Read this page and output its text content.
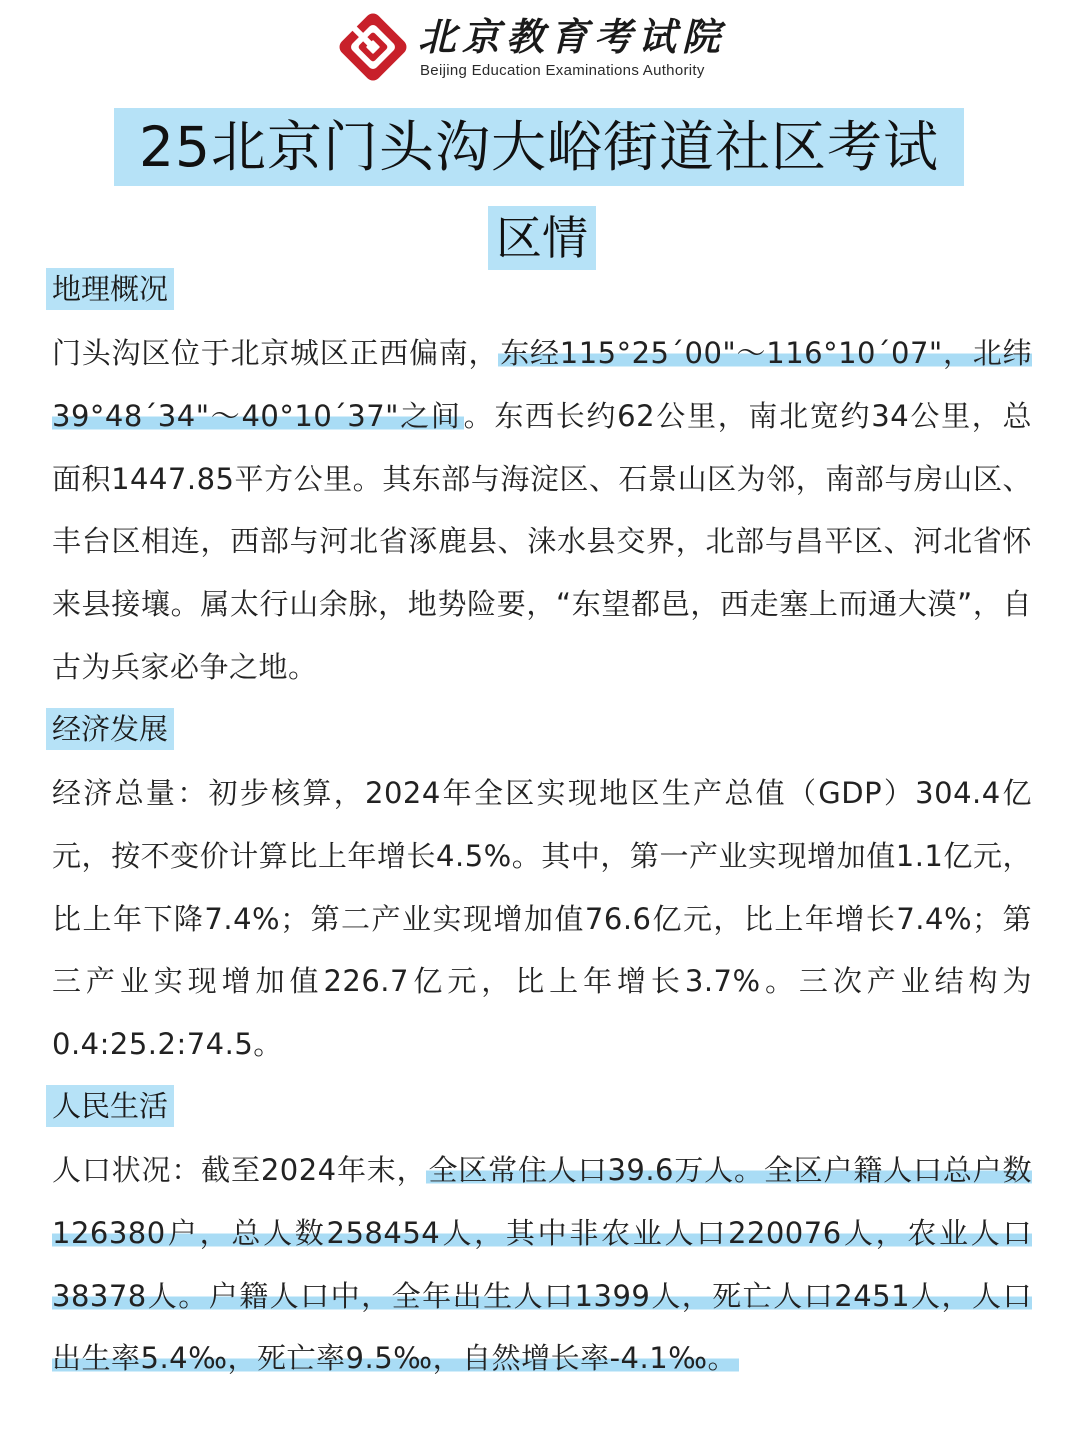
北京教育考试院
Beijing Education Examinations Authority
25北京门头沟大峪街道社区考试
区情
地理概况
门头沟区位于北京城区正西偏南，东经115°25´00"～116°10´07"，北纬39°48´34"～40°10´37"之间。东西长约62公里，南北宽约34公里，总面积1447.85平方公里。其东部与海淀区、石景山区为邻，南部与房山区、丰台区相连，西部与河北省涿鹿县、涞水县交界，北部与昌平区、河北省怀来县接壤。属太行山余脉，地势险要，“东望都邑，西走塞上而通大漠”，自古为兵家必争之地。
经济发展
经济总量：初步核算，2024年全区实现地区生产总值（GDP）304.4亿元，按不变价计算比上年增长4.5%。其中，第一产业实现增加值1.1亿元，比上年下降7.4%；第二产业实现增加值76.6亿元，比上年增长7.4%；第三产业实现增加值226.7亿元，比上年增长3.7%。三次产业结构为0.4:25.2:74.5。
人民生活
人口状况：截至2024年末，全区常住人口39.6万人。全区户籍人口总户数126380户，总人数258454人，其中非农业人口220076人，农业人口38378人。户籍人口中，全年出生人口1399人，死亡人口2451人，人口出生率5.4‰，死亡率9.5‰，自然增长率-4.1‰。
